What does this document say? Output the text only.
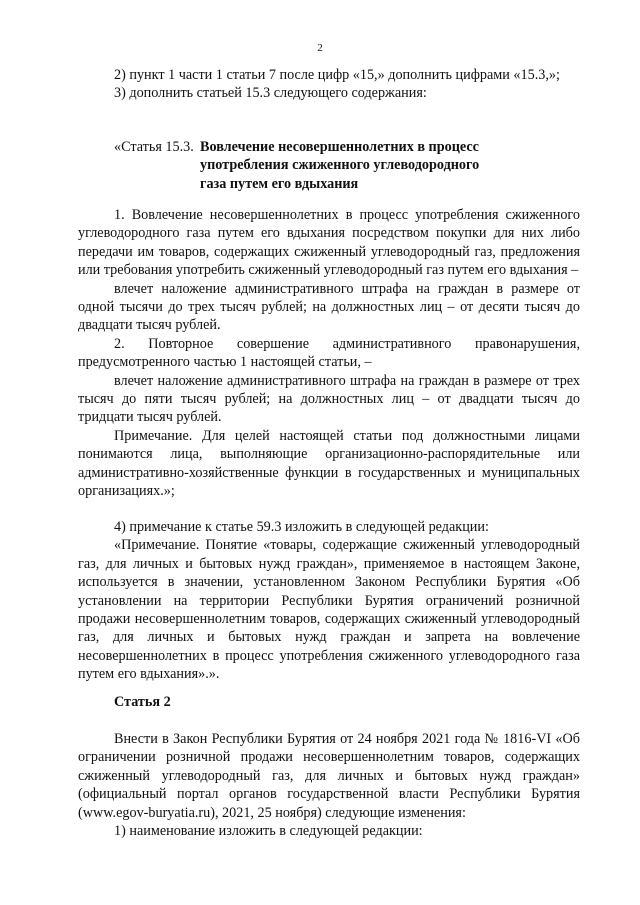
2

2) пункт 1 части 1 статьи 7 после цифр «15,» дополнить цифрами «15.3,»;

3) дополнить статьей 15.3 следующего содержания:

«Статья 15.3. Вовлечение несовершеннолетних в процесс
употребления сжиженного углеводородного
газа путем его вдыхания

1. Вовлечение несовершеннолетних в процесс употребления сжиженного углеводородного газа путем его вдыхания посредством покупки для них либо передачи им товаров, содержащих сжиженный углеводородный газ, предложения или требования употребить сжиженный углеводородный газ путем его вдыхания –

влечет наложение административного штрафа на граждан в размере от одной тысячи до трех тысяч рублей; на должностных лиц – от десяти тысяч до двадцати тысяч рублей.

2. Повторное совершение административного правонарушения, предусмотренного частью 1 настоящей статьи, –

влечет наложение административного штрафа на граждан в размере от трех тысяч до пяти тысяч рублей; на должностных лиц – от двадцати тысяч до тридцати тысяч рублей.

Примечание. Для целей настоящей статьи под должностными лицами понимаются лица, выполняющие организационно-распорядительные или административно-хозяйственные функции в государственных и муниципальных организациях.»;

4) примечание к статье 59.3 изложить в следующей редакции:

«Примечание. Понятие «товары, содержащие сжиженный углеводородный газ, для личных и бытовых нужд граждан», применяемое в настоящем Законе, используется в значении, установленном Законом Республики Бурятия «Об установлении на территории Республики Бурятия ограничений розничной продажи несовершеннолетним товаров, содержащих сжиженный углеводородный газ, для личных и бытовых нужд граждан и запрета на вовлечение несовершеннолетних в процесс употребления сжиженного углеводородного газа путем его вдыхания».».

Статья 2

Внести в Закон Республики Бурятия от 24 ноября 2021 года № 1816-VI «Об ограничении розничной продажи несовершеннолетним товаров, содержащих сжиженный углеводородный газ, для личных и бытовых нужд граждан» (официальный портал органов государственной власти Республики Бурятия (www.egov-buryatia.ru), 2021, 25 ноября) следующие изменения:

1) наименование изложить в следующей редакции:
